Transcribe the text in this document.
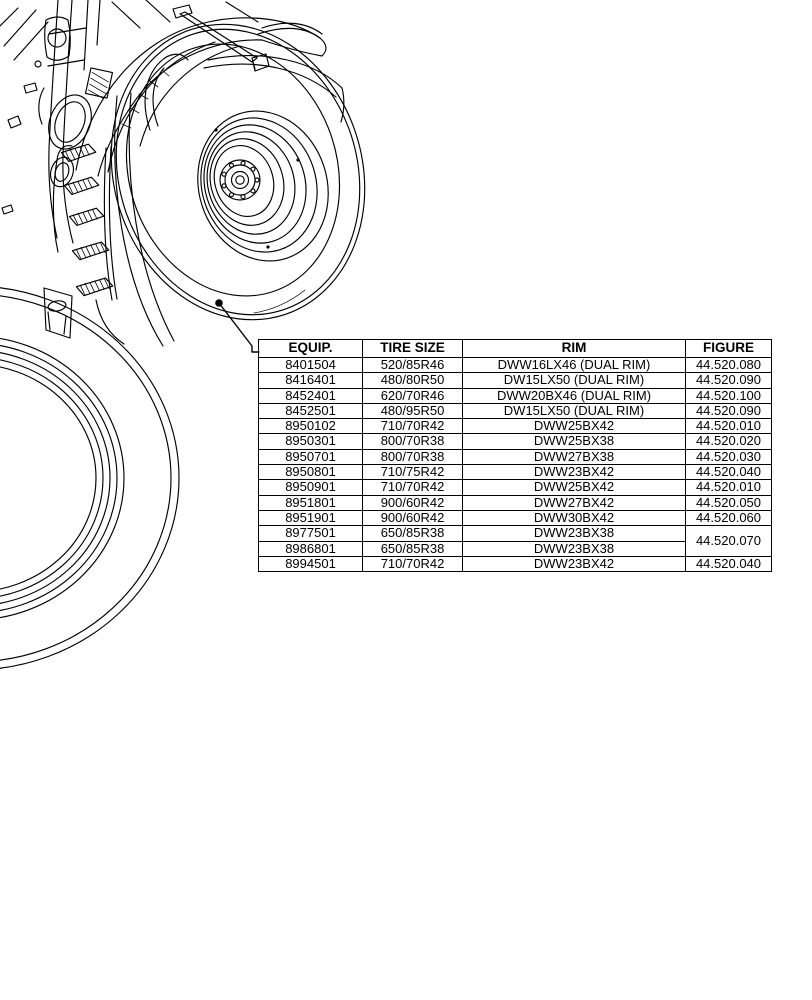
EQUIP.	TIRE SIZE	RIM	FIGURE
8401504	520/85R46	DWW16LX46 (DUAL RIM)	44.520.080
8416401	480/80R50	DW15LX50 (DUAL RIM)	44.520.090
8452401	620/70R46	DWW20BX46 (DUAL RIM)	44.520.100
8452501	480/95R50	DW15LX50 (DUAL RIM)	44.520.090
8950102	710/70R42	DWW25BX42	44.520.010
8950301	800/70R38	DWW25BX38	44.520.020
8950701	800/70R38	DWW27BX38	44.520.030
8950801	710/75R42	DWW23BX42	44.520.040
8950901	710/70R42	DWW25BX42	44.520.010
8951801	900/60R42	DWW27BX42	44.520.050
8951901	900/60R42	DWW30BX42	44.520.060
8977501	650/85R38	DWW23BX38	44.520.070
8986801	650/85R38	DWW23BX38	
8994501	710/70R42	DWW23BX42	44.520.040
